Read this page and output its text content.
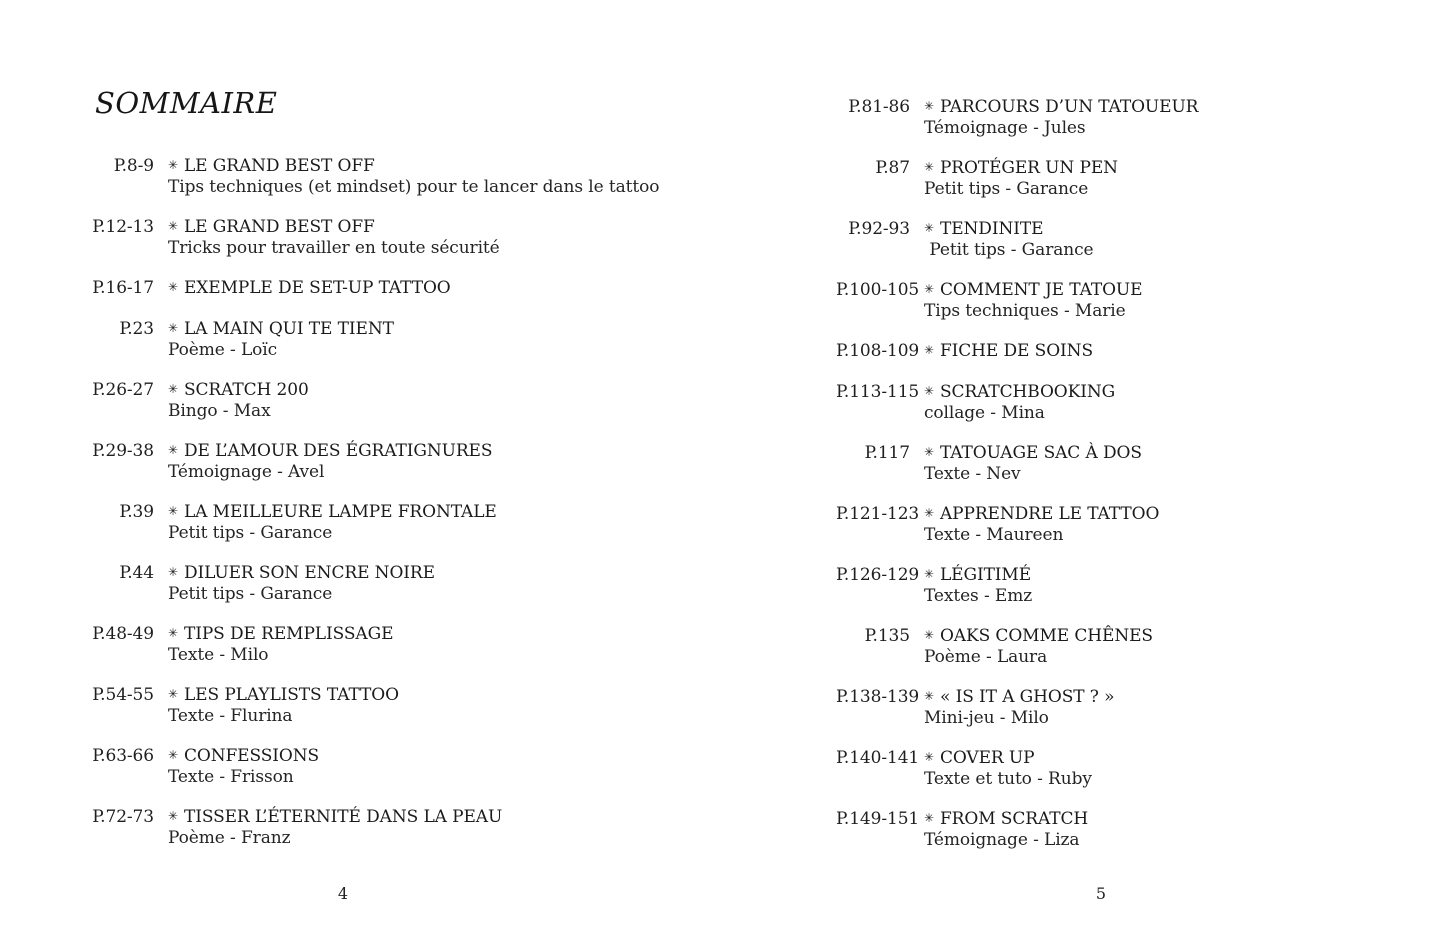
SOMMAIRE
P.8-9 ✳ LE GRAND BEST OFF
Tips techniques (et mindset) pour te lancer dans le tattoo
P.12-13 ✳ LE GRAND BEST OFF
Tricks pour travailler en toute sécurité
P.16-17 ✳ EXEMPLE DE SET-UP TATTOO
P.23 ✳ LA MAIN QUI TE TIENT
Poème - Loïc
P.26-27 ✳ SCRATCH 200
Bingo - Max
P.29-38 ✳ DE L’AMOUR DES ÉGRATIGNURES
Témoignage - Avel
P.39 ✳ LA MEILLEURE LAMPE FRONTALE
Petit tips - Garance
P.44 ✳ DILUER SON ENCRE NOIRE
Petit tips - Garance
P.48-49 ✳ TIPS DE REMPLISSAGE
Texte - Milo
P.54-55 ✳ LES PLAYLISTS TATTOO
Texte - Flurina
P.63-66 ✳ CONFESSIONS
Texte - Frisson
P.72-73 ✳ TISSER L’ÉTERNITÉ DANS LA PEAU
Poème - Franz
P.81-86 ✳ PARCOURS D’UN TATOUEUR
Témoignage - Jules
P.87 ✳ PROTÉGER UN PEN
Petit tips - Garance
P.92-93 ✳ TENDINITE
Petit tips - Garance
P.100-105 ✳ COMMENT JE TATOUE
Tips techniques - Marie
P.108-109 ✳ FICHE DE SOINS
P.113-115 ✳ SCRATCHBOOKING
collage - Mina
P.117 ✳ TATOUAGE SAC À DOS
Texte - Nev
P.121-123 ✳ APPRENDRE LE TATTOO
Texte - Maureen
P.126-129 ✳ LÉGITIMÉ
Textes - Emz
P.135 ✳ OAKS COMME CHÊNES
Poème - Laura
P.138-139 ✳ « IS IT A GHOST ? »
Mini-jeu - Milo
P.140-141 ✳ COVER UP
Texte et tuto - Ruby
P.149-151 ✳ FROM SCRATCH
Témoignage - Liza
4	5
